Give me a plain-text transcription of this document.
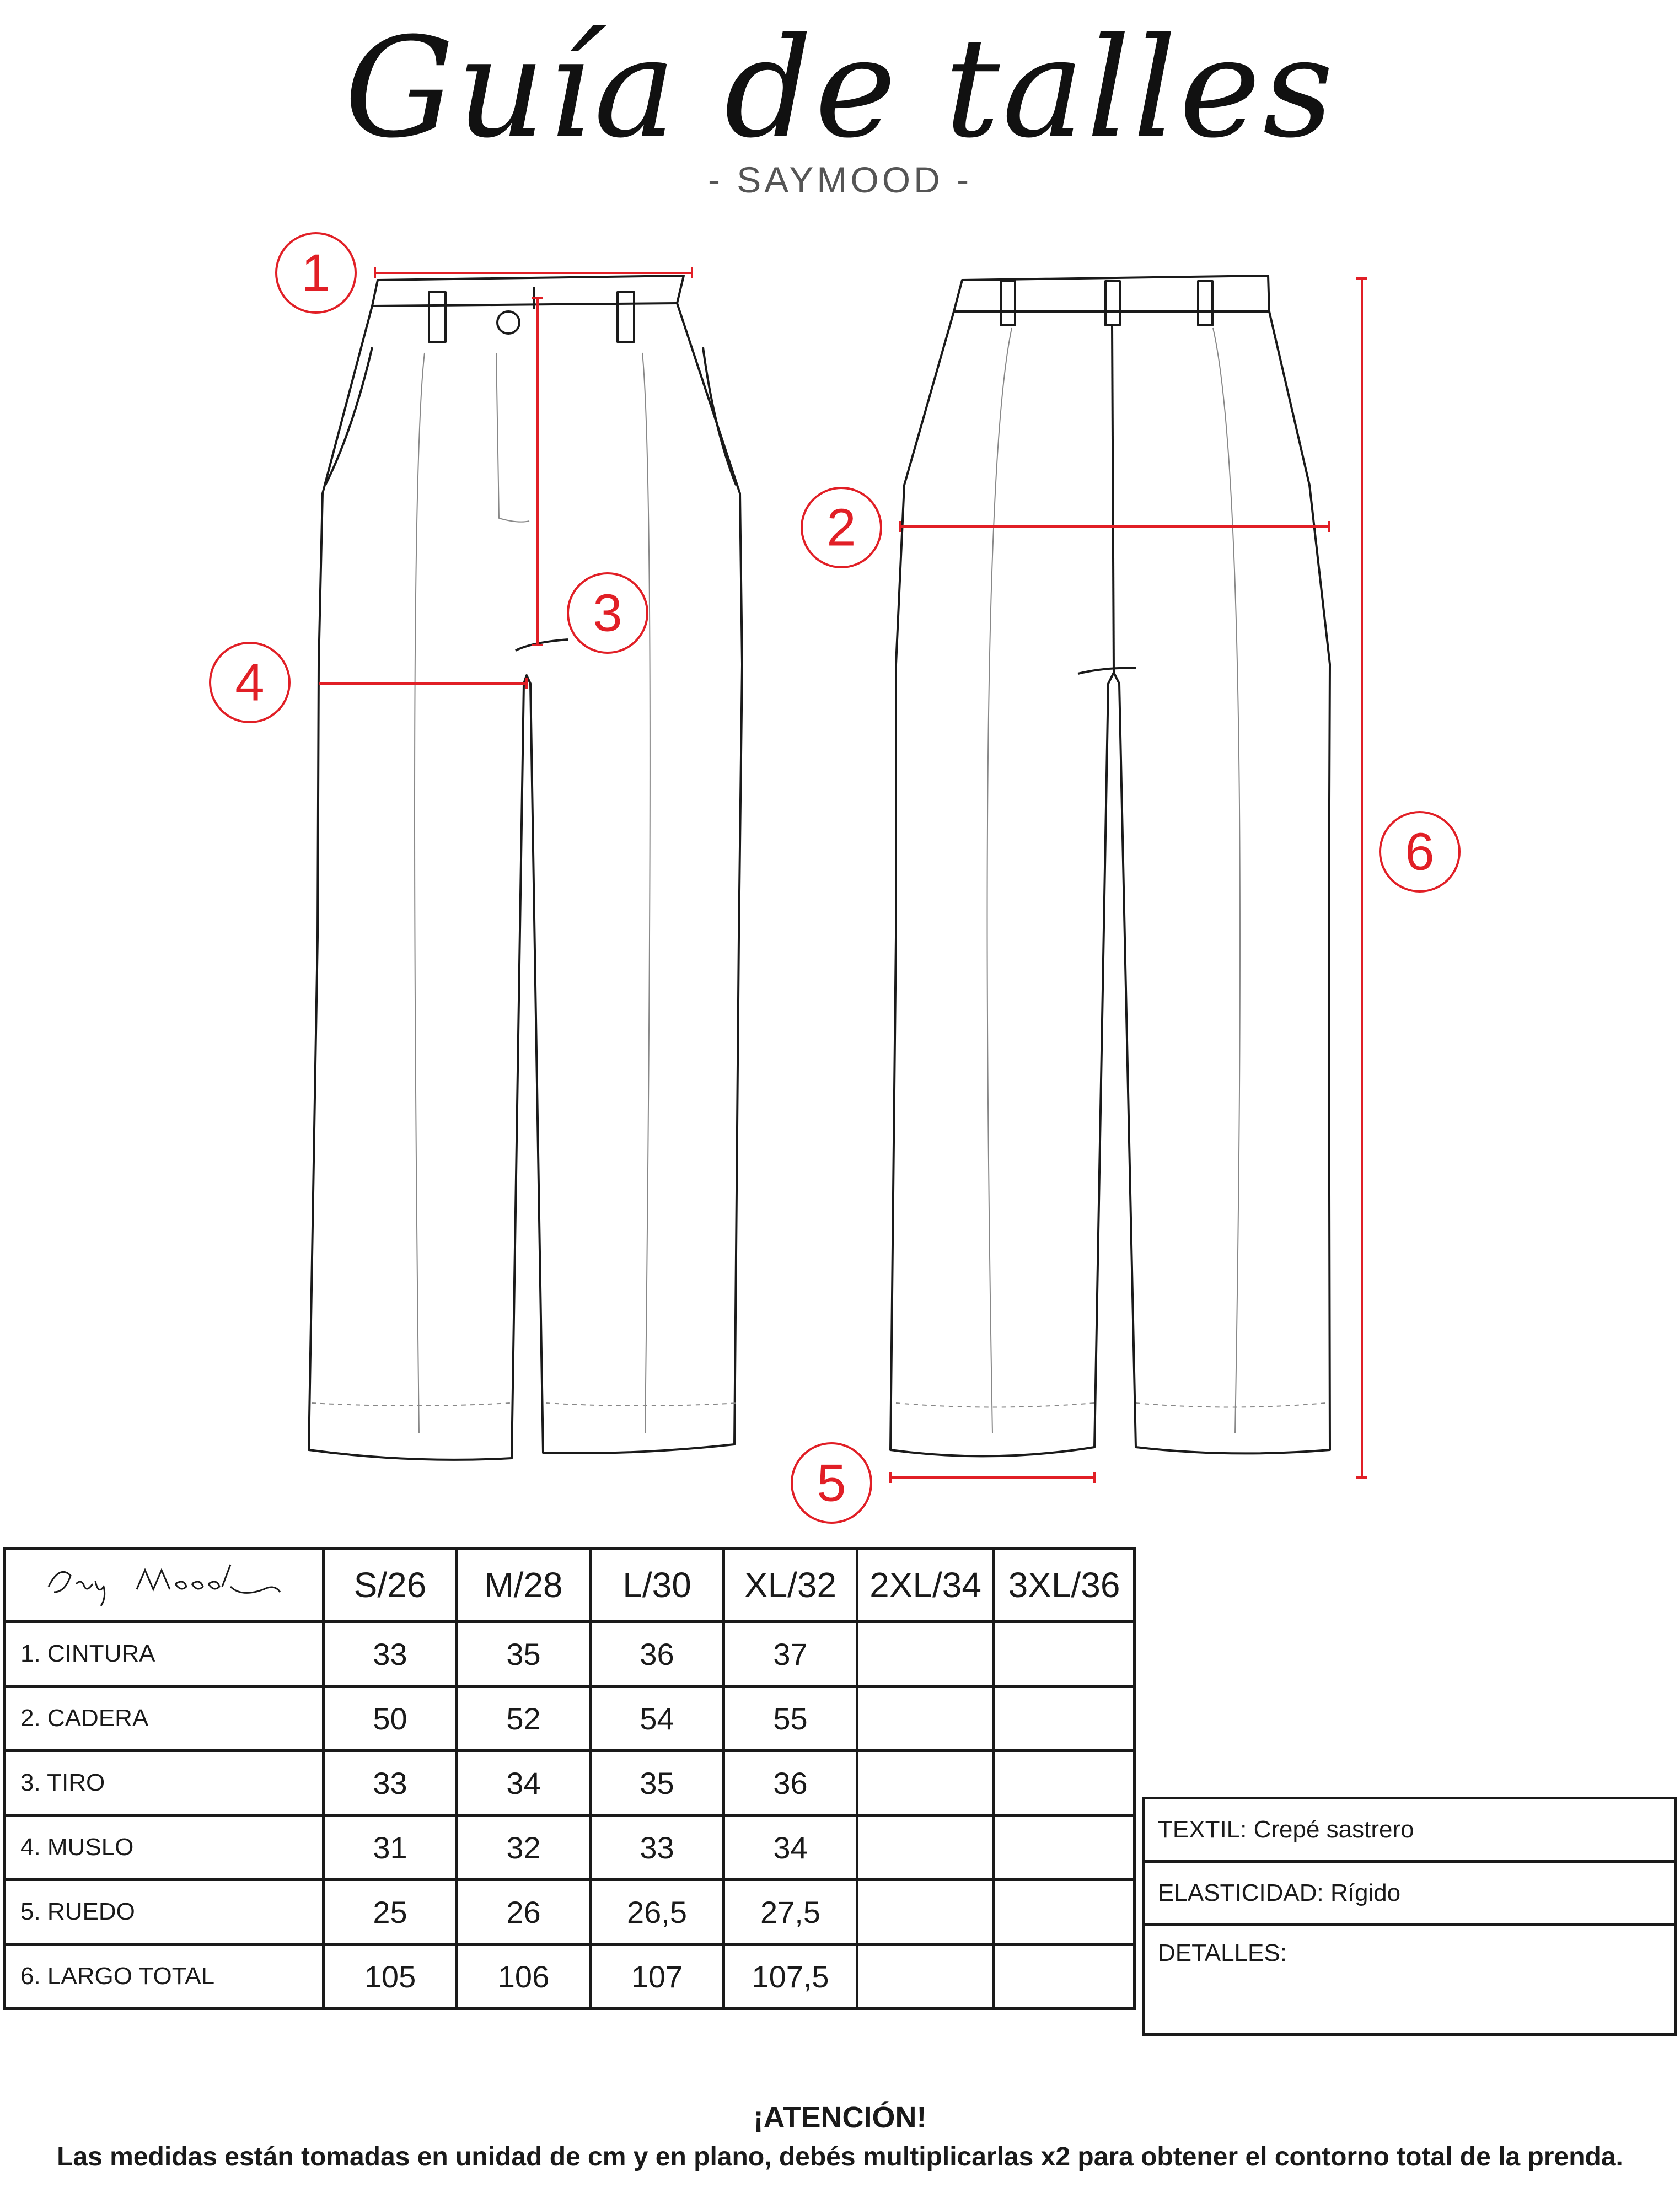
Guía de talles
- SAYMOOD -
1
2
3
4
5
6
	S/26	M/28	L/30	XL/32	2XL/34	3XL/36
1. CINTURA	33	35	36	37		
2. CADERA	50	52	54	55		
3. TIRO	33	34	35	36		
4. MUSLO	31	32	33	34		
5. RUEDO	25	26	26,5	27,5		
6. LARGO TOTAL	105	106	107	107,5		
TEXTIL: Crepé sastrero
ELASTICIDAD: Rígido
DETALLES:
¡ATENCIÓN!
Las medidas están tomadas en unidad de cm y en plano, debés multiplicarlas x2 para obtener el contorno total de la prenda.
